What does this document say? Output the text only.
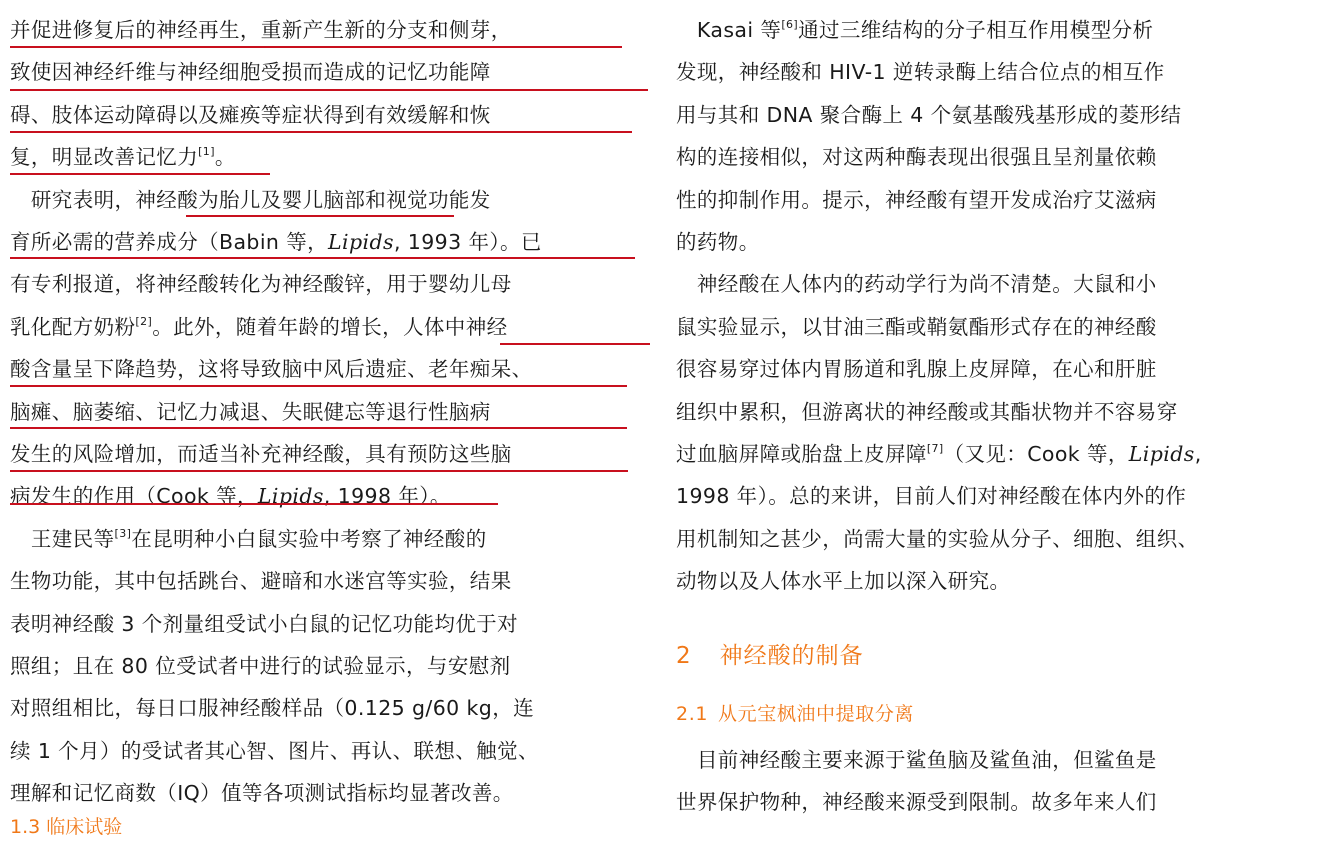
并促进修复后的神经再生，重新产生新的分支和侧芽，
致使因神经纤维与神经细胞受损而造成的记忆功能障
碍、肢体运动障碍以及瘫痪等症状得到有效缓解和恢
复，明显改善记忆力[1]。
　研究表明，神经酸为胎儿及婴儿脑部和视觉功能发
育所必需的营养成分（Babin 等，Lipids, 1993 年）。已
有专利报道，将神经酸转化为神经酸锌，用于婴幼儿母
乳化配方奶粉[2]。此外，随着年龄的增长，人体中神经
酸含量呈下降趋势，这将导致脑中风后遗症、老年痴呆、
脑瘫、脑萎缩、记忆力减退、失眠健忘等退行性脑病
发生的风险增加，而适当补充神经酸，具有预防这些脑
病发生的作用（Cook 等，Lipids, 1998 年）。
　王建民等[3]在昆明种小白鼠实验中考察了神经酸的
生物功能，其中包括跳台、避暗和水迷宫等实验，结果
表明神经酸 3 个剂量组受试小白鼠的记忆功能均优于对
照组；且在 80 位受试者中进行的试验显示，与安慰剂
对照组相比，每日口服神经酸样品（0.125 g/60 kg，连
续 1 个月）的受试者其心智、图片、再认、联想、触觉、
理解和记忆商数（IQ）值等各项测试指标均显著改善。
1.3 临床试验
　Kasai 等[6]通过三维结构的分子相互作用模型分析
发现，神经酸和 HIV-1 逆转录酶上结合位点的相互作
用与其和 DNA 聚合酶上 4 个氨基酸残基形成的菱形结
构的连接相似，对这两种酶表现出很强且呈剂量依赖
性的抑制作用。提示，神经酸有望开发成治疗艾滋病
的药物。
　神经酸在人体内的药动学行为尚不清楚。大鼠和小
鼠实验显示，以甘油三酯或鞘氨酯形式存在的神经酸
很容易穿过体内胃肠道和乳腺上皮屏障，在心和肝脏
组织中累积，但游离状的神经酸或其酯状物并不容易穿
过血脑屏障或胎盘上皮屏障[7]（又见：Cook 等，Lipids,
1998 年）。总的来讲，目前人们对神经酸在体内外的作
用机制知之甚少，尚需大量的实验从分子、细胞、组织、
动物以及人体水平上加以深入研究。
2 神经酸的制备
2.1 从元宝枫油中提取分离
　目前神经酸主要来源于鲨鱼脑及鲨鱼油，但鲨鱼是
世界保护物种，神经酸来源受到限制。故多年来人们
